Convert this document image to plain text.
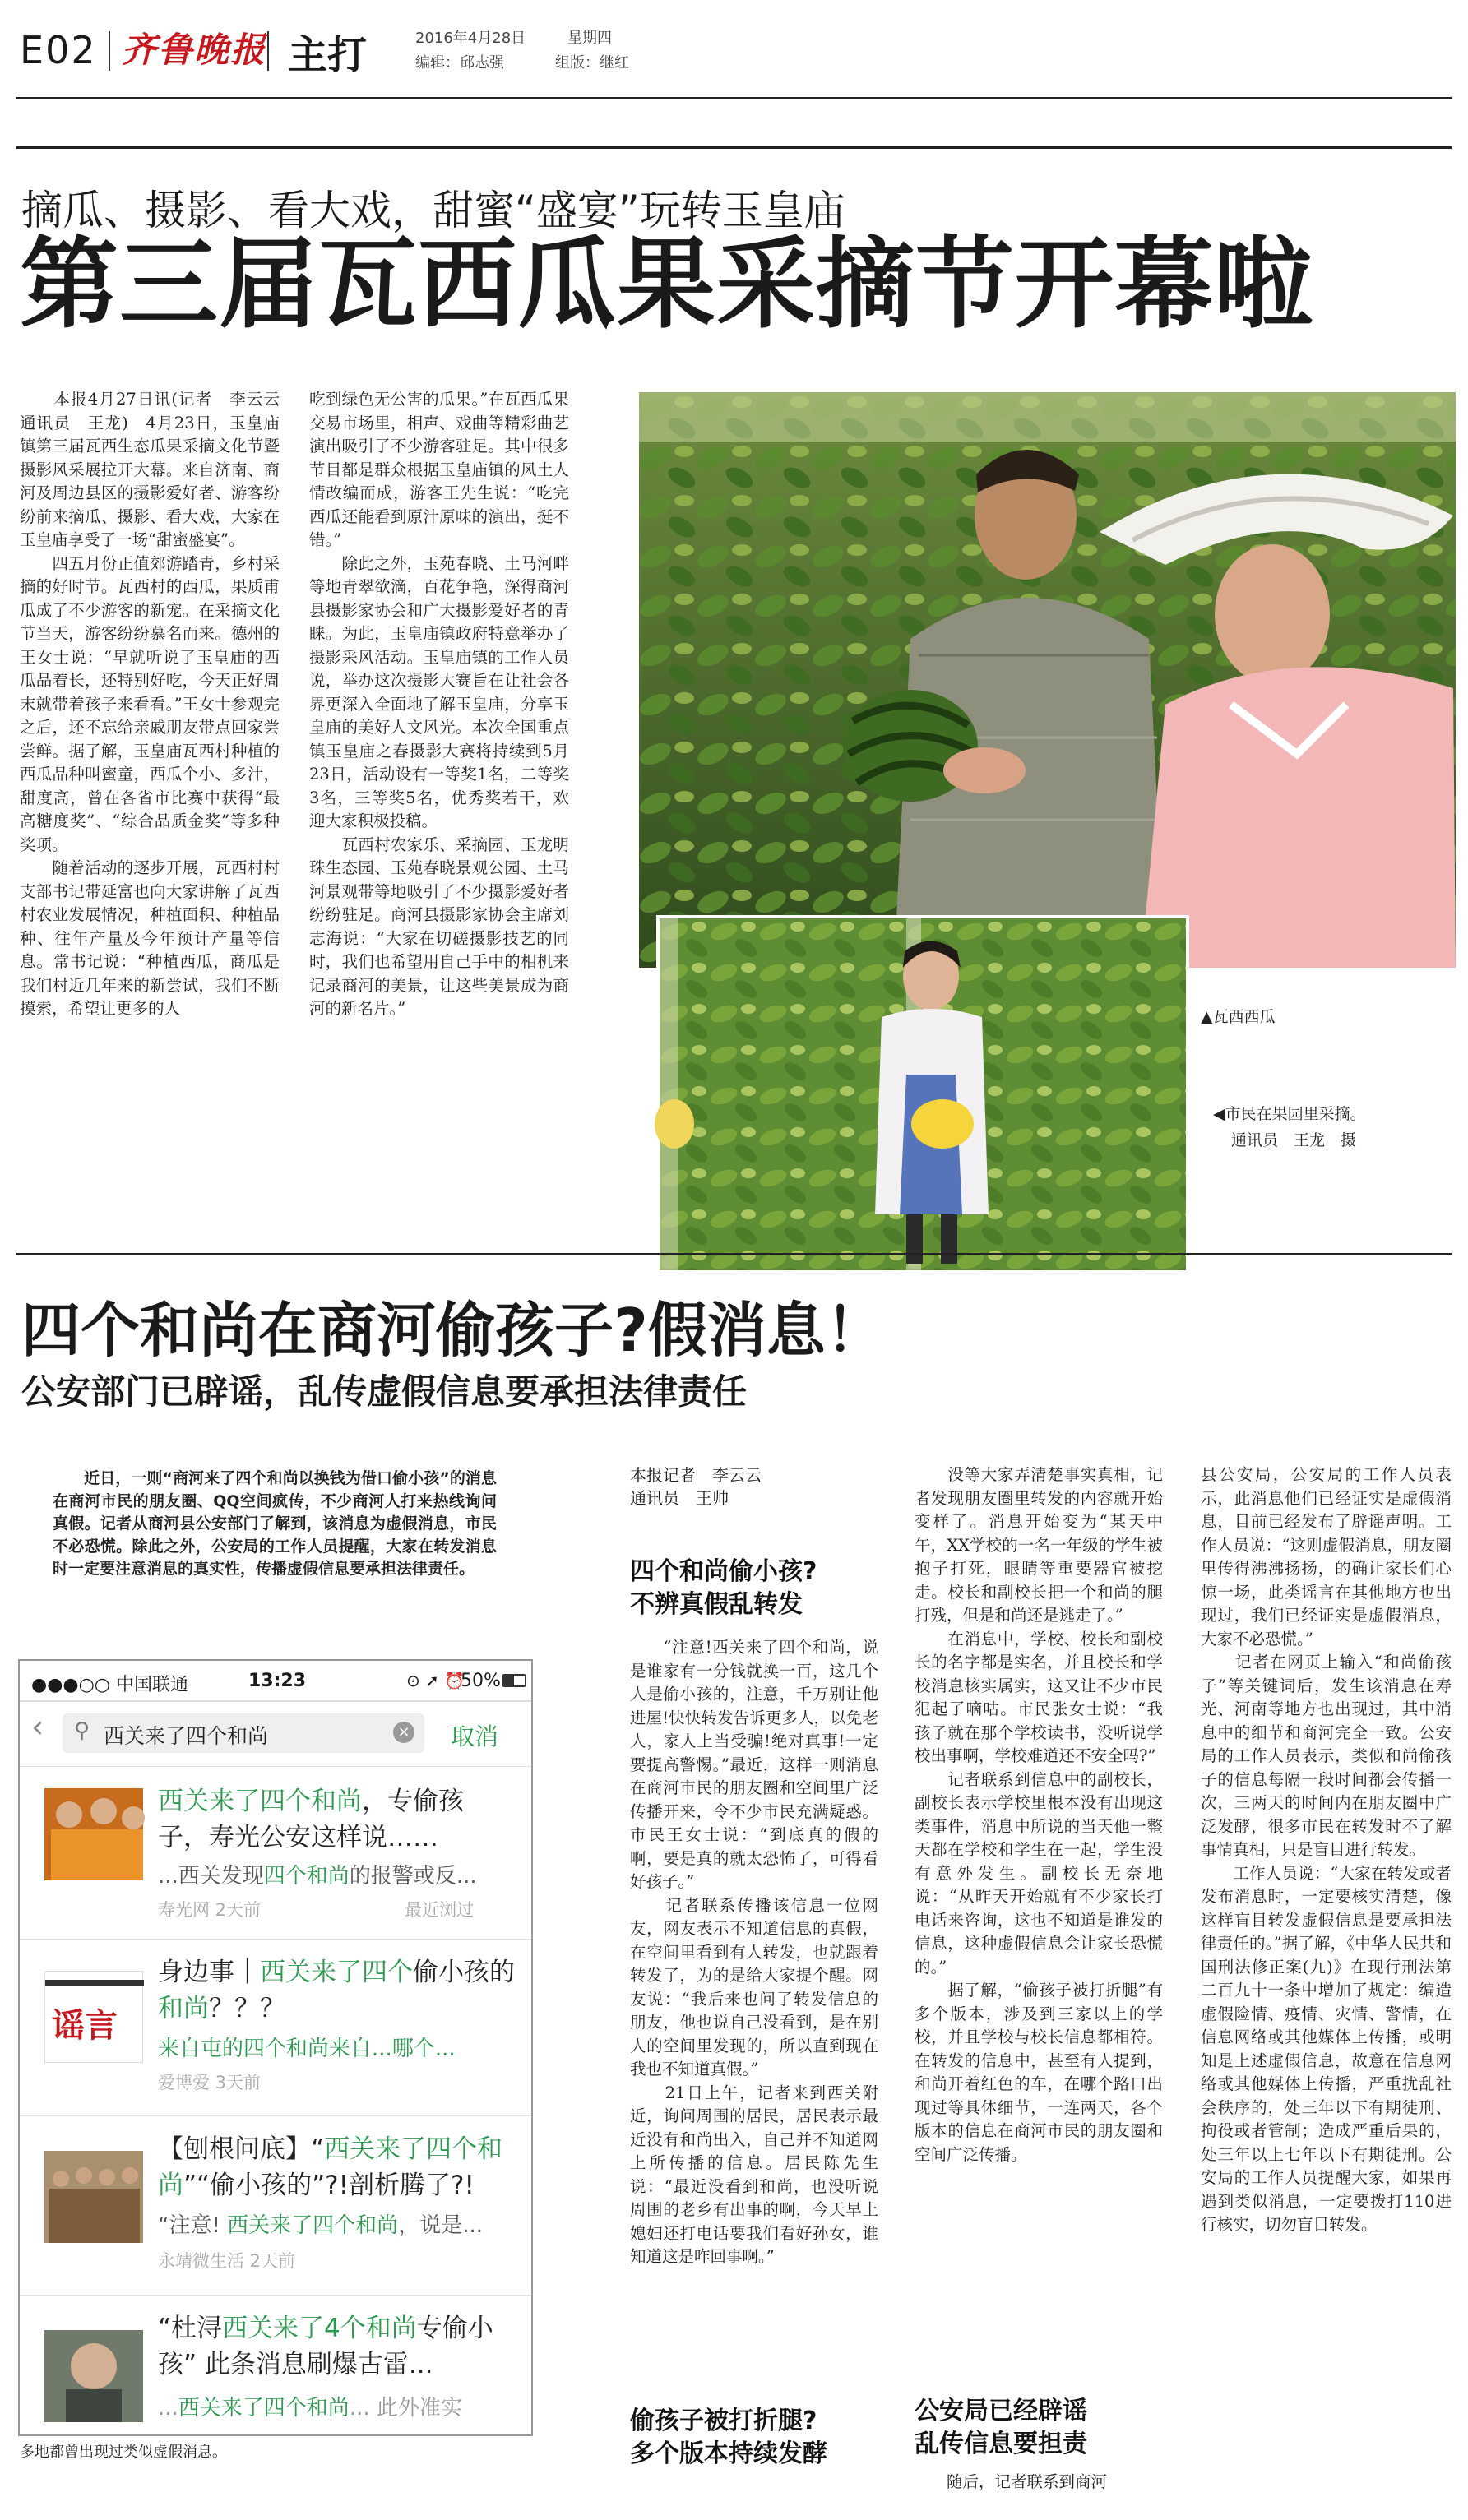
E02 齐鲁晚报 主打	2016年4月28日	星期四
编辑：邱志强	组版：继红
摘瓜、摄影、看大戏，甜蜜“盛宴”玩转玉皇庙
第三届瓦西瓜果采摘节开幕啦
　　本报4月27日讯(记者　李云云　通讯员　王龙)　4月23日，玉皇庙镇第三届瓦西生态瓜果采摘文化节暨摄影风采展拉开大幕。来自济南、商河及周边县区的摄影爱好者、游客纷纷前来摘瓜、摄影、看大戏，大家在玉皇庙享受了一场“甜蜜盛宴”。
　　四五月份正值郊游踏青，乡村采摘的好时节。瓦西村的西瓜，果质甫瓜成了不少游客的新宠。在采摘文化节当天，游客纷纷慕名而来。德州的王女士说：“早就听说了玉皇庙的西瓜品着长，还特别好吃，今天正好周末就带着孩子来看看。”王女士参观完之后，还不忘给亲戚朋友带点回家尝尝鲜。据了解，玉皇庙瓦西村种植的西瓜品种叫蜜童，西瓜个小、多汁，甜度高，曾在各省市比赛中获得“最高糖度奖”、“综合品质金奖”等多种奖项。
　　随着活动的逐步开展，瓦西村村支部书记带延富也向大家讲解了瓦西村农业发展情况，种植面积、种植品种、往年产量及今年预计产量等信息。常书记说：“种植西瓜，商瓜是我们村近几年来的新尝试，我们不断摸索，希望让更多的人
吃到绿色无公害的瓜果。”在瓦西瓜果交易市场里，相声、戏曲等精彩曲艺演出吸引了不少游客驻足。其中很多节目都是群众根据玉皇庙镇的风土人情改编而成，游客王先生说：“吃完西瓜还能看到原汁原味的演出，挺不错。”
　　除此之外，玉苑春晓、土马河畔等地青翠欲滴，百花争艳，深得商河县摄影家协会和广大摄影爱好者的青睐。为此，玉皇庙镇政府特意举办了摄影采风活动。玉皇庙镇的工作人员说，举办这次摄影大赛旨在让社会各界更深入全面地了解玉皇庙，分享玉皇庙的美好人文风光。本次全国重点镇玉皇庙之春摄影大赛将持续到5月23日，活动设有一等奖1名，二等奖3名，三等奖5名，优秀奖若干，欢迎大家积极投稿。
　　瓦西村农家乐、采摘园、玉龙明珠生态园、玉苑春晓景观公园、土马河景观带等地吸引了不少摄影爱好者纷纷驻足。商河县摄影家协会主席刘志海说：“大家在切磋摄影技艺的同时，我们也希望用自己手中的相机来记录商河的美景，让这些美景成为商河的新名片。”	▲瓦西西瓜
◀市民在果园里采摘。
通讯员　王龙　摄
四个和尚在商河偷孩子?假消息！
公安部门已辟谣，乱传虚假信息要承担法律责任
　　近日，一则“商河来了四个和尚以换钱为借口偷小孩”的消息在商河市民的朋友圈、QQ空间疯传，不少商河人打来热线询问真假。记者从商河县公安部门了解到，该消息为虚假消息，市民不必恐慌。除此之外，公安局的工作人员提醒，大家在转发消息时一定要注意消息的真实性，传播虚假信息要承担法律责任。
●●●○○ 中国联通	13:23	⊙ ➚ ⏰
50%
‹ ⚲ 西关来了四个和尚	× 取消
西关来了四个和尚，专偷孩子，寿光公安这样说……
...西关发现四个和尚的报警或反...
寿光网 2天前	最近浏过
谣言
身边事｜西关来了四个偷小孩的和尚？？？
来自屯的四个和尚来自...哪个...
爱博爱 3天前
【刨根问底】“西关来了四个和尚”“偷小孩的”?!剖析腾了?!
“注意! 西关来了四个和尚，说是...
永靖微生活 2天前
“杜浔西关来了4个和尚专偷小孩” 此条消息刷爆古雷...
...西关来了四个和尚... 此外准实
多地都曾出现过类似虚假消息。
本报记者　李云云
通讯员　王帅
四个和尚偷小孩?
不辨真假乱转发
　　“注意!西关来了四个和尚，说是谁家有一分钱就换一百，这几个人是偷小孩的，注意，千万别让他进屋!快快转发告诉更多人，以免老人，家人上当受骗!绝对真事!一定要提高警惕。”最近，这样一则消息在商河市民的朋友圈和空间里广泛传播开来，令不少市民充满疑惑。市民王女士说：“到底真的假的啊，要是真的就太恐怖了，可得看好孩子。”
　　记者联系传播该信息一位网友，网友表示不知道信息的真假，在空间里看到有人转发，也就跟着转发了，为的是给大家提个醒。网友说：“我后来也问了转发信息的朋友，他也说自己没看到，是在别人的空间里发现的，所以直到现在我也不知道真假。”
　　21日上午，记者来到西关附近，询问周围的居民，居民表示最近没有和尚出入，自己并不知道网上所传播的信息。居民陈先生说：“最近没看到和尚，也没听说周围的老乡有出事的啊，今天早上媳妇还打电话要我们看好孙女，谁知道这是咋回事啊。”
偷孩子被打折腿?
多个版本持续发酵
　　没等大家弄清楚事实真相，记者发现朋友圈里转发的内容就开始变样了。消息开始变为“某天中午，XX学校的一名一年级的学生被抱子打死，眼睛等重要器官被挖走。校长和副校长把一个和尚的腿打残，但是和尚还是逃走了。”
　　在消息中，学校、校长和副校长的名字都是实名，并且校长和学校消息核实属实，这又让不少市民犯起了嘀咕。市民张女士说：“我孩子就在那个学校读书，没听说学校出事啊，学校难道还不安全吗?”
　　记者联系到信息中的副校长，副校长表示学校里根本没有出现这类事件，消息中所说的当天他一整天都在学校和学生在一起，学生没有意外发生。副校长无奈地说：“从昨天开始就有不少家长打电话来咨询，这也不知道是谁发的信息，这种虚假信息会让家长恐慌的。”
　　据了解，“偷孩子被打折腿”有多个版本，涉及到三家以上的学校，并且学校与校长信息都相符。在转发的信息中，甚至有人提到，和尚开着红色的车，在哪个路口出现过等具体细节，一连两天，各个版本的信息在商河市民的朋友圈和空间广泛传播。
公安局已经辟谣
乱传信息要担责
　　随后，记者联系到商河
县公安局，公安局的工作人员表示，此消息他们已经证实是虚假消息，目前已经发布了辟谣声明。工作人员说：“这则虚假消息，朋友圈里传得沸沸扬扬，的确让家长们心惊一场，此类谣言在其他地方也出现过，我们已经证实是虚假消息，大家不必恐慌。”
　　记者在网页上输入“和尚偷孩子”等关键词后，发生该消息在寿光、河南等地方也出现过，其中消息中的细节和商河完全一致。公安局的工作人员表示，类似和尚偷孩子的信息每隔一段时间都会传播一次，三两天的时间内在朋友圈中广泛发酵，很多市民在转发时不了解事情真相，只是盲目进行转发。
　　工作人员说：“大家在转发或者发布消息时，一定要核实清楚，像这样盲目转发虚假信息是要承担法律责任的。”据了解，《中华人民共和国刑法修正案(九)》在现行刑法第二百九十一条中增加了规定：编造虚假险情、疫情、灾情、警情，在信息网络或其他媒体上传播，或明知是上述虚假信息，故意在信息网络或其他媒体上传播，严重扰乱社会秩序的，处三年以下有期徒刑、拘役或者管制；造成严重后果的，处三年以上七年以下有期徒刑。公安局的工作人员提醒大家，如果再遇到类似消息，一定要拨打110进行核实，切勿盲目转发。
